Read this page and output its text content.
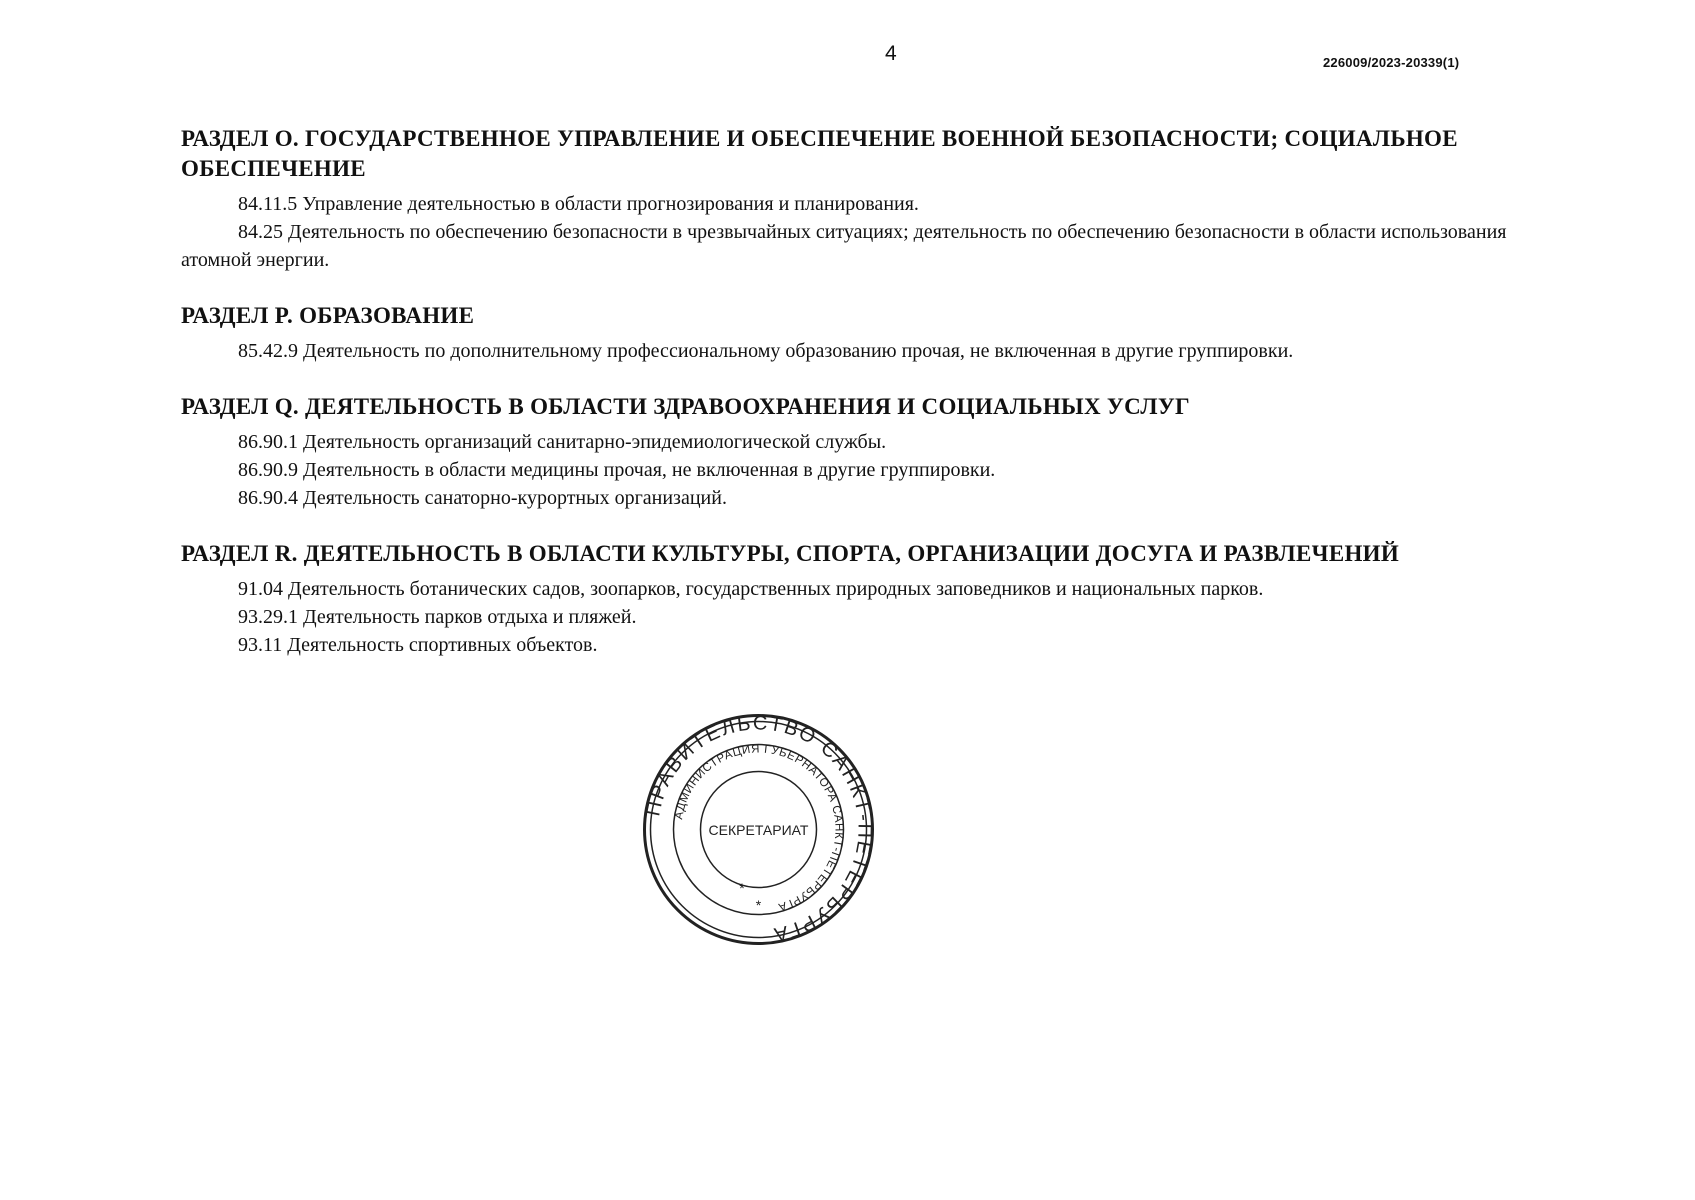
4	226009/2023-20339(1)

РАЗДЕЛ O. ГОСУДАРСТВЕННОЕ УПРАВЛЕНИЕ И ОБЕСПЕЧЕНИЕ ВОЕННОЙ БЕЗОПАСНОСТИ; СОЦИАЛЬНОЕ ОБЕСПЕЧЕНИЕ

84.11.5 Управление деятельностью в области прогнозирования и планирования.

84.25 Деятельность по обеспечению безопасности в чрезвычайных ситуациях; деятельность по обеспечению безопасности в области использования атомной энергии.

РАЗДЕЛ P. ОБРАЗОВАНИЕ

85.42.9 Деятельность по дополнительному профессиональному образованию прочая, не включенная в другие группировки.

РАЗДЕЛ Q. ДЕЯТЕЛЬНОСТЬ В ОБЛАСТИ ЗДРАВООХРАНЕНИЯ И СОЦИАЛЬНЫХ УСЛУГ

86.90.1 Деятельность организаций санитарно-эпидемиологической службы.

86.90.9 Деятельность в области медицины прочая, не включенная в другие группировки.

86.90.4 Деятельность санаторно-курортных организаций.

РАЗДЕЛ R. ДЕЯТЕЛЬНОСТЬ В ОБЛАСТИ КУЛЬТУРЫ, СПОРТА, ОРГАНИЗАЦИИ ДОСУГА И РАЗВЛЕЧЕНИЙ

91.04 Деятельность ботанических садов, зоопарков, государственных природных заповедников и национальных парков.

93.29.1 Деятельность парков отдыха и пляжей.

93.11 Деятельность спортивных объектов.

ПРАВИТЕЛЬСТВО САНКТ-ПЕТЕРБУРГА
АДМИНИСТРАЦИЯ ГУБЕРНАТОРА САНКТ-ПЕТЕРБУРГА
СЕКРЕТАРИАТ
*
*
